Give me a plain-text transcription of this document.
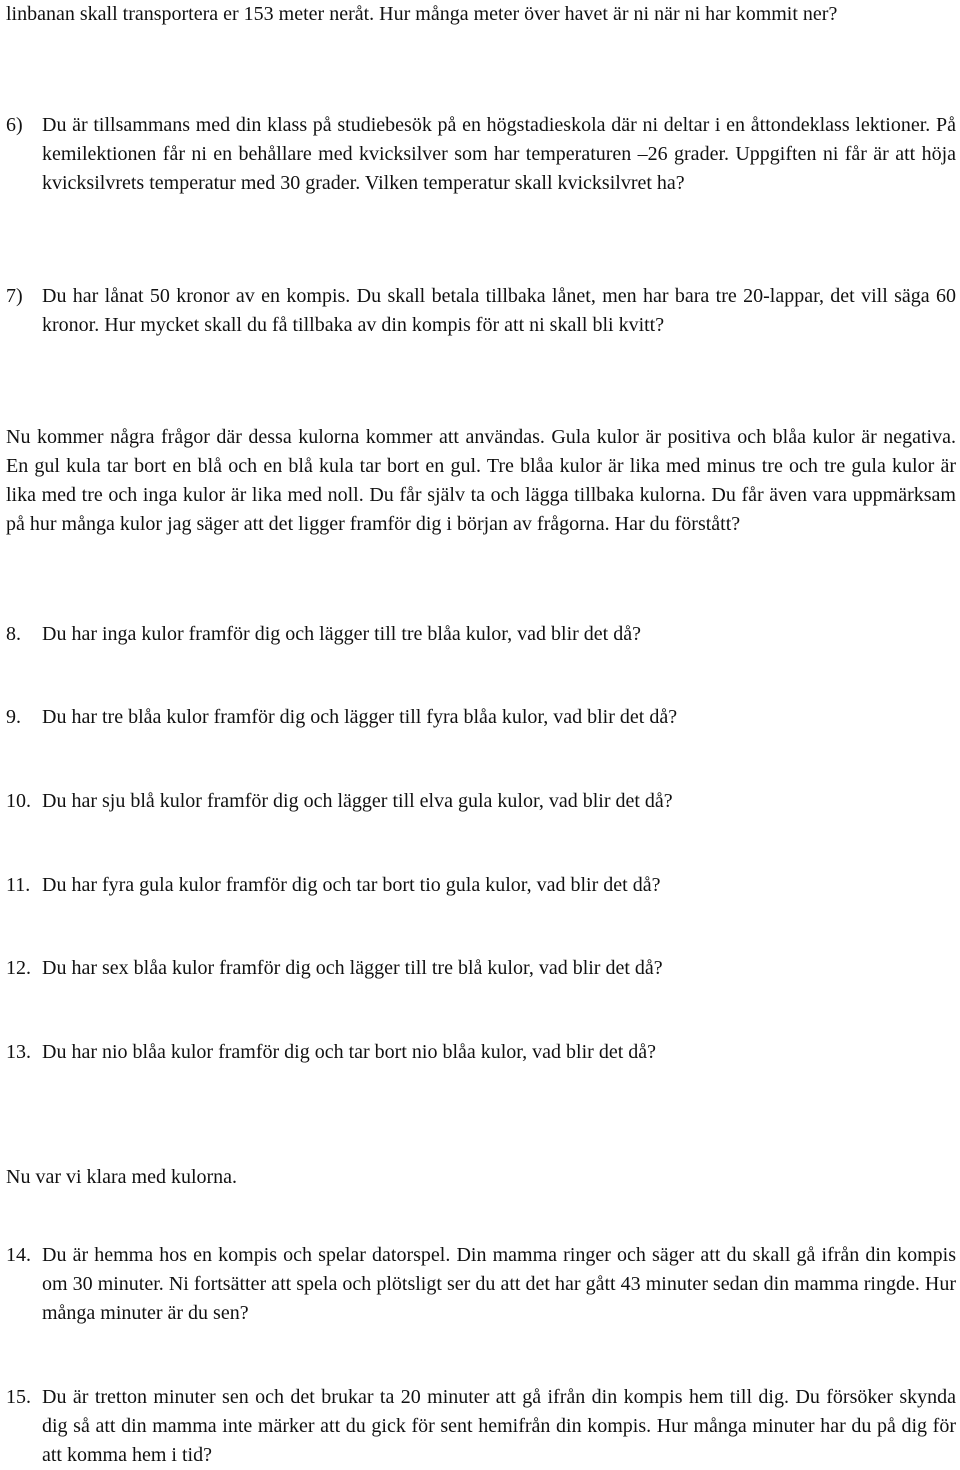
linbanan skall transportera er 153 meter neråt. Hur många meter över havet är ni när ni har kommit ner?

6) Du är tillsammans med din klass på studiebesök på en högstadieskola där ni deltar i en åttondeklass lektioner. På kemilektionen får ni en behållare med kvicksilver som har temperaturen –26 grader. Uppgiften ni får är att höja kvicksilvrets temperatur med 30 grader. Vilken temperatur skall kvicksilvret ha?
7) Du har lånat 50 kronor av en kompis. Du skall betala tillbaka lånet, men har bara tre 20-lappar, det vill säga 60 kronor. Hur mycket skall du få tillbaka av din kompis för att ni skall bli kvitt?

Nu kommer några frågor där dessa kulorna kommer att användas. Gula kulor är positiva och blåa kulor är negativa. En gul kula tar bort en blå och en blå kula tar bort en gul. Tre blåa kulor är lika med minus tre och tre gula kulor är lika med tre och inga kulor är lika med noll. Du får själv ta och lägga tillbaka kulorna. Du får även vara uppmärksam på hur många kulor jag säger att det ligger framför dig i början av frågorna. Har du förstått?

8. Du har inga kulor framför dig och lägger till tre blåa kulor, vad blir det då?
9. Du har tre blåa kulor framför dig och lägger till fyra blåa kulor, vad blir det då?
10. Du har sju blå kulor framför dig och lägger till elva gula kulor, vad blir det då?
11. Du har fyra gula kulor framför dig och tar bort tio gula kulor, vad blir det då?
12. Du har sex blåa kulor framför dig och lägger till tre blå kulor, vad blir det då?
13. Du har nio blåa kulor framför dig och tar bort nio blåa kulor, vad blir det då?

Nu var vi klara med kulorna.

14. Du är hemma hos en kompis och spelar datorspel. Din mamma ringer och säger att du skall gå ifrån din kompis om 30 minuter. Ni fortsätter att spela och plötsligt ser du att det har gått 43 minuter sedan din mamma ringde. Hur många minuter är du sen?
15. Du är tretton minuter sen och det brukar ta 20 minuter att gå ifrån din kompis hem till dig. Du försöker skynda dig så att din mamma inte märker att du gick för sent hemifrån din kompis. Hur många minuter har du på dig för att komma hem i tid?
